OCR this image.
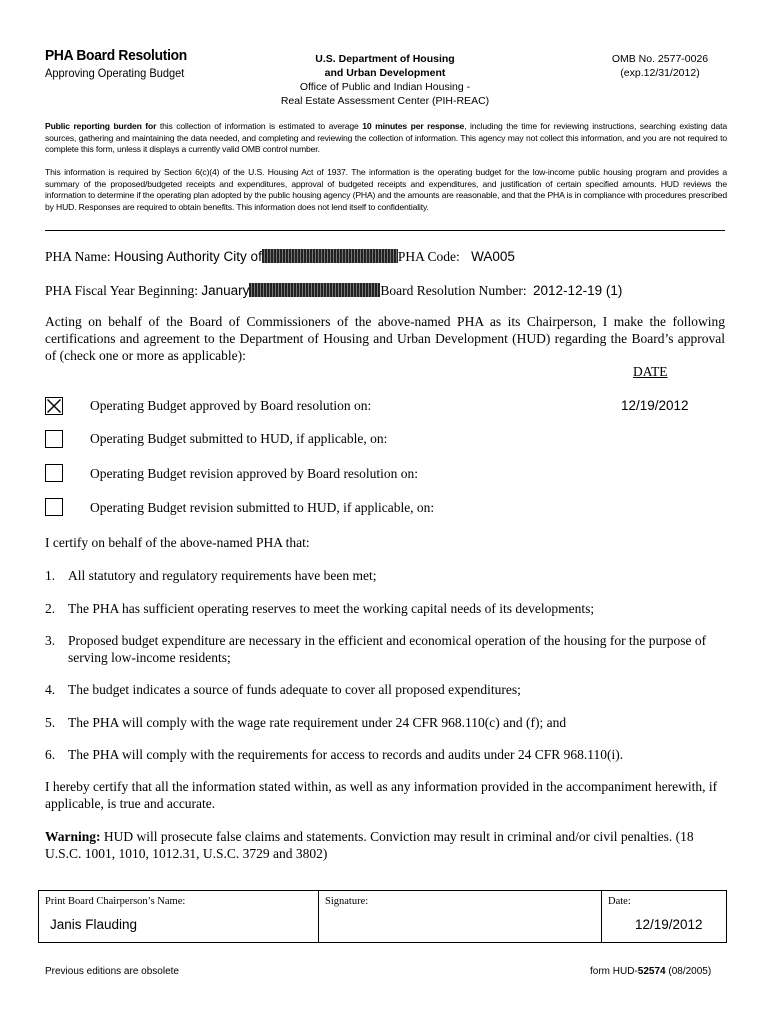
PHA Board Resolution
Approving Operating Budget
U.S. Department of Housing
and Urban Development
Office of Public and Indian Housing -
Real Estate Assessment Center (PIH-REAC)
OMB No. 2577-0026
(exp.12/31/2012)
Public reporting burden for this collection of information is estimated to average 10 minutes per response, including the time for reviewing instructions, searching existing data sources, gathering and maintaining the data needed, and completing and reviewing the collection of information. This agency may not collect this information, and you are not required to complete this form, unless it displays a currently valid OMB control number.
This information is required by Section 6(c)(4) of the U.S. Housing Act of 1937. The information is the operating budget for the low-income public housing program and provides a summary of the proposed/budgeted receipts and expenditures, approval of budgeted receipts and expenditures, and justification of certain specified amounts. HUD reviews the information to determine if the operating plan adopted by the public housing agency (PHA) and the amounts are reasonable, and that the PHA is in compliance with procedures prescribed by HUD. Responses are required to obtain benefits. This information does not lend itself to confidentiality.
PHA Name: Housing Authority City of	PHA Code: WA005
PHA Fiscal Year Beginning: January	Board Resolution Number: 2012-12-19 (1)
Acting on behalf of the Board of Commissioners of the above-named PHA as its Chairperson, I make the following certifications and agreement to the Department of Housing and Urban Development (HUD) regarding the Board’s approval of (check one or more as applicable):
DATE
Operating Budget approved by Board resolution on:	12/19/2012
Operating Budget submitted to HUD, if applicable, on:
Operating Budget revision approved by Board resolution on:
Operating Budget revision submitted to HUD, if applicable, on:
I certify on behalf of the above-named PHA that:
1. All statutory and regulatory requirements have been met;
2. The PHA has sufficient operating reserves to meet the working capital needs of its developments;
3. Proposed budget expenditure are necessary in the efficient and economical operation of the housing for the purpose of serving low-income residents;
4. The budget indicates a source of funds adequate to cover all proposed expenditures;
5. The PHA will comply with the wage rate requirement under 24 CFR 968.110(c) and (f); and
6. The PHA will comply with the requirements for access to records and audits under 24 CFR 968.110(i).
I hereby certify that all the information stated within, as well as any information provided in the accompaniment herewith, if applicable, is true and accurate.
Warning: HUD will prosecute false claims and statements. Conviction may result in criminal and/or civil penalties. (18 U.S.C. 1001, 1010, 1012.31, U.S.C. 3729 and 3802)
Print Board Chairperson’s Name:
Janis Flauding
Signature:	Date:
12/19/2012
Previous editions are obsolete	form HUD-52574 (08/2005)
